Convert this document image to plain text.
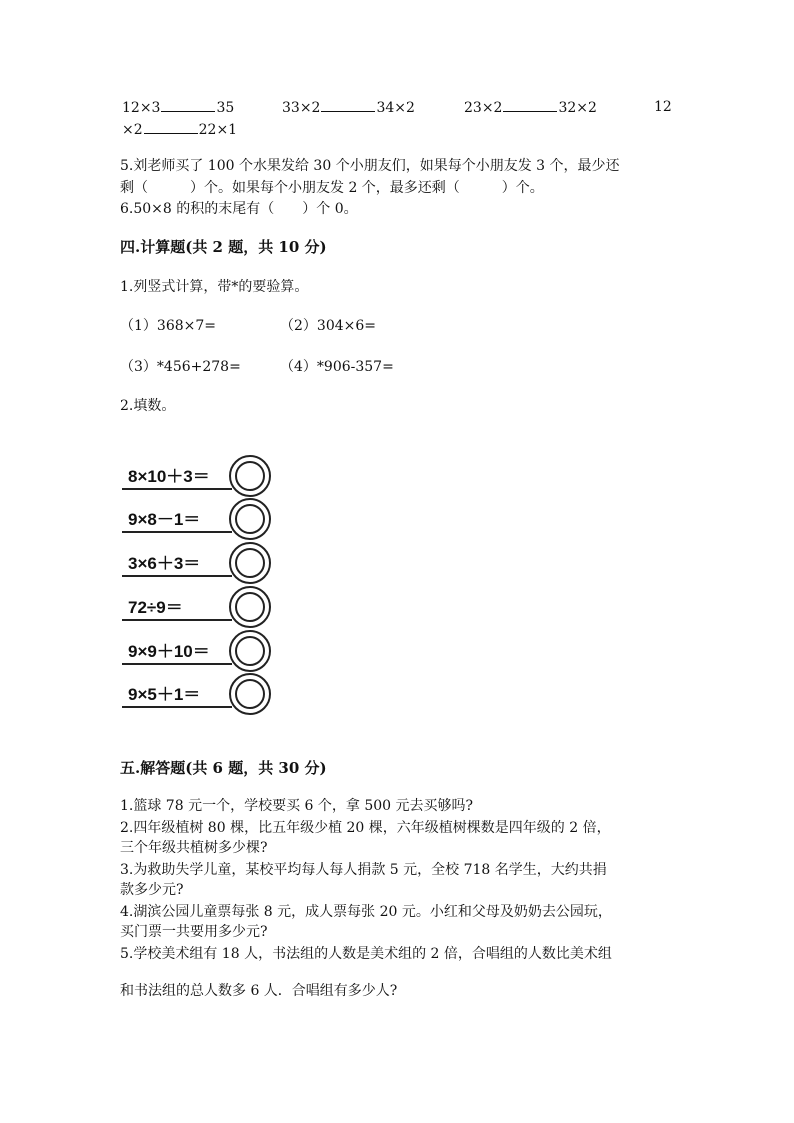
12×3	35	33×2	34×2	23×2	32×2	12
×2	22×1
5.刘老师买了 100 个水果发给 30 个小朋友们，如果每个小朋友发 3 个，最少还
剩（　　　）个。如果每个小朋友发 2 个，最多还剩（　　　）个。
6.50×8 的积的末尾有（　　）个 0。
四.计算题(共 2 题，共 10 分)
1.列竖式计算，带*的要验算。
（1）368×7=	（2）304×6=
（3）*456+278=	（4）*906-357=
2.填数。
8×10＋3＝
9×8－1＝
3×6＋3＝
72÷9＝
9×9＋10＝
9×5＋1＝
五.解答题(共 6 题，共 30 分)
1.篮球 78 元一个，学校要买 6 个，拿 500 元去买够吗?
2.四年级植树 80 棵，比五年级少植 20 棵，六年级植树棵数是四年级的 2 倍，
三个年级共植树多少棵?
3.为救助失学儿童，某校平均每人每人捐款 5 元，全校 718 名学生，大约共捐
款多少元?
4.湖滨公园儿童票每张 8 元，成人票每张 20 元。小红和父母及奶奶去公园玩，
买门票一共要用多少元?
5.学校美术组有 18 人，书法组的人数是美术组的 2 倍，合唱组的人数比美术组
和书法组的总人数多 6 人．合唱组有多少人?
